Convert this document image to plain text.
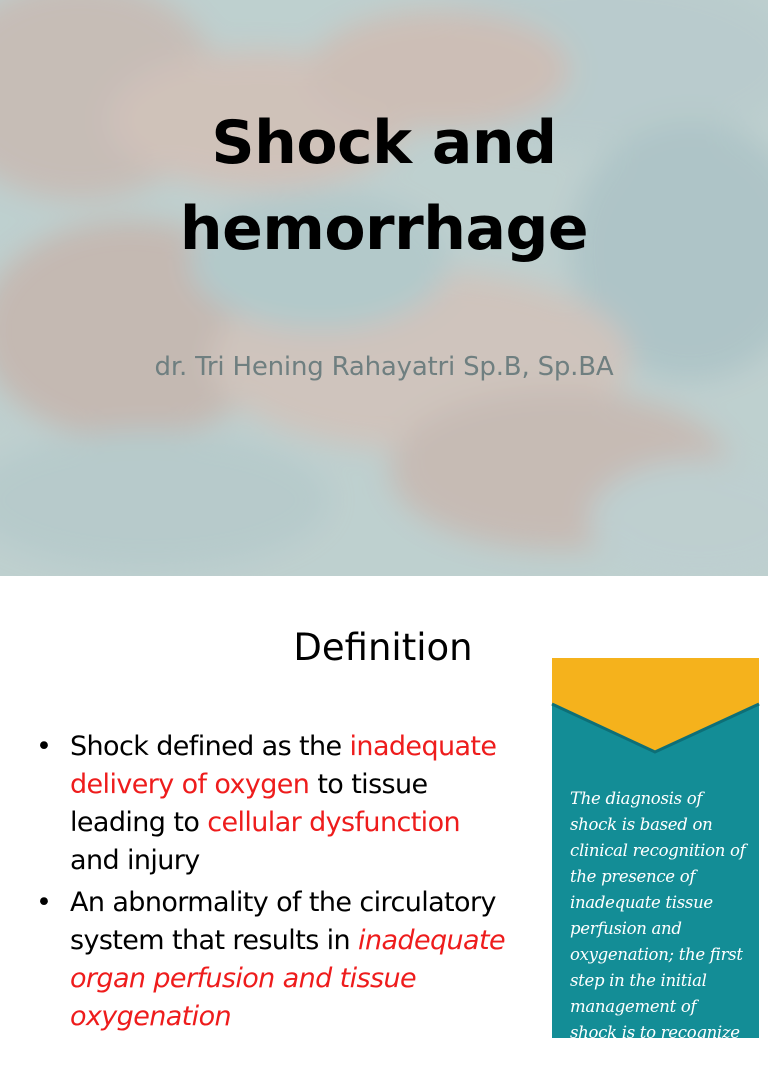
Shock and
hemorrhage
dr. Tri Hening Rahayatri Sp.B, Sp.BA
Definition
• Shock defined as the inadequate delivery of oxygen to tissue leading to cellular dysfunction and injury
• An abnormality of the circulatory system that results in inadequate organ perfusion and tissue oxygenation
The diagnosis of shock is based on clinical recognition of the presence of inadequate tissue perfusion and oxygenation; the first step in the initial management of shock is to recognize its
